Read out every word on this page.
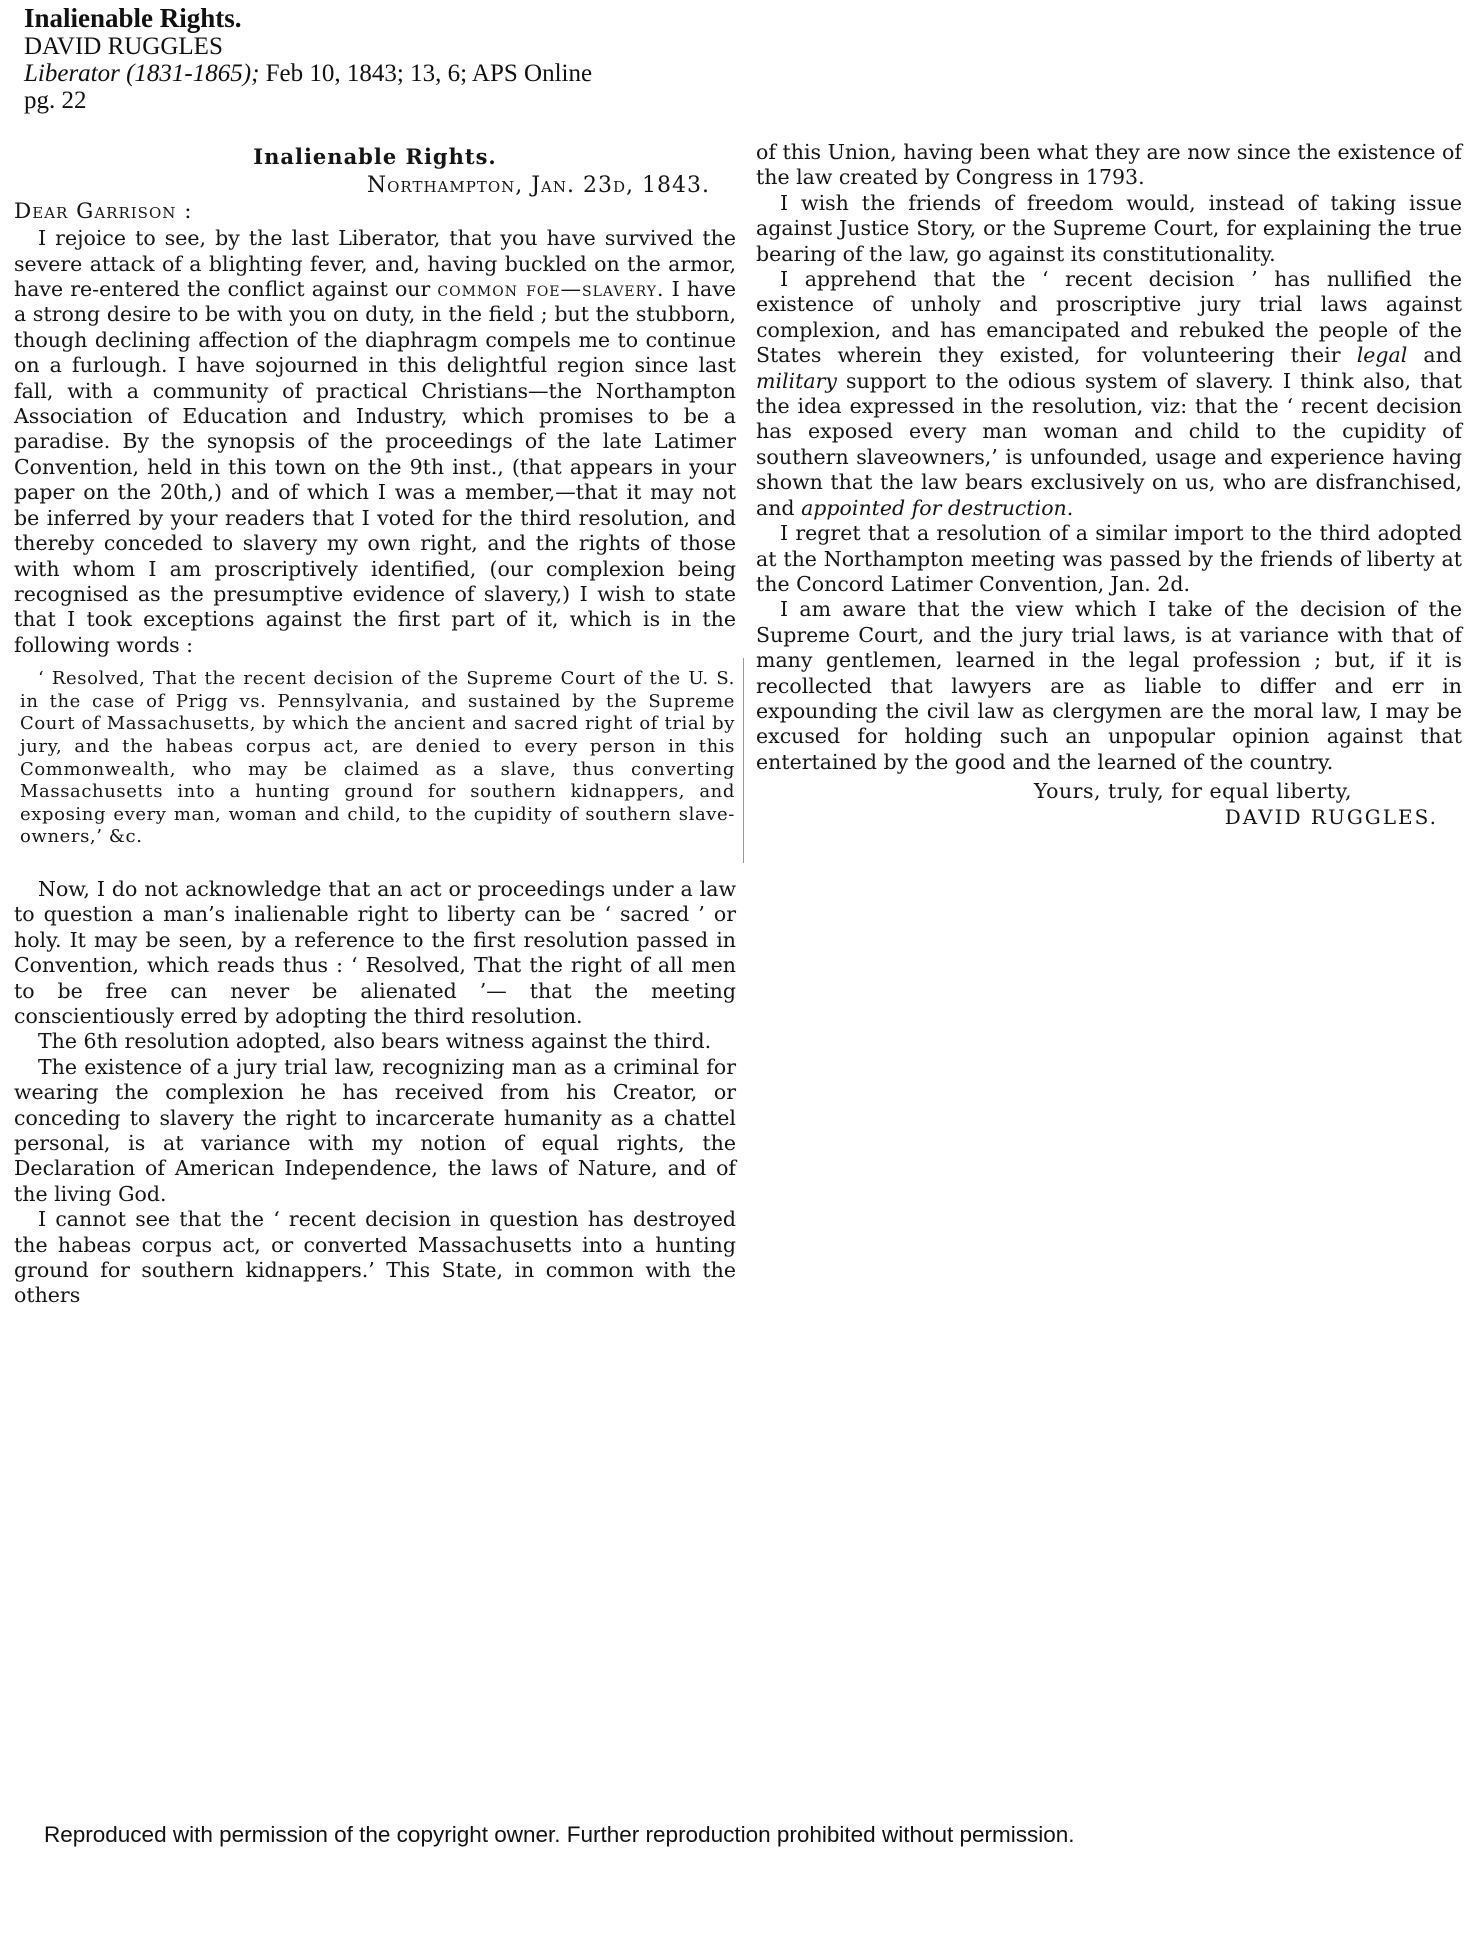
Inalienable Rights.
DAVID RUGGLES
Liberator (1831-1865); Feb 10, 1843; 13, 6; APS Online
pg. 22
Inalienable Rights.
Northampton, Jan. 23d, 1843.
Dear Garrison :

I rejoice to see, by the last Liberator, that you have survived the severe attack of a blighting fever, and, having buckled on the armor, have re-entered the conflict against our common foe—slavery. I have a strong desire to be with you on duty, in the field ; but the stubborn, though declining affection of the diaphragm compels me to continue on a furlough. I have sojourned in this delightful region since last fall, with a community of practical Christians—the Northampton Association of Education and Industry, which promises to be a paradise. By the synopsis of the proceedings of the late Latimer Convention, held in this town on the 9th inst., (that appears in your paper on the 20th,) and of which I was a member,—that it may not be inferred by your readers that I voted for the third resolution, and thereby conceded to slavery my own right, and the rights of those with whom I am proscriptively identified, (our complexion being recognised as the presumptive evidence of slavery,) I wish to state that I took exceptions against the first part of it, which is in the following words :

‘ Resolved, That the recent decision of the Supreme Court of the U. S. in the case of Prigg vs. Pennsylvania, and sustained by the Supreme Court of Massachusetts, by which the ancient and sacred right of trial by jury, and the habeas corpus act, are denied to every person in this Commonwealth, who may be claimed as a slave, thus converting Massachusetts into a hunting ground for southern kidnappers, and exposing every man, woman and child, to the cupidity of southern slave-owners,’ &c.

Now, I do not acknowledge that an act or proceedings under a law to question a man’s inalienable right to liberty can be ‘ sacred ’ or holy. It may be seen, by a reference to the first resolution passed in Convention, which reads thus : ‘ Resolved, That the right of all men to be free can never be alienated ’— that the meeting conscientiously erred by adopting the third resolution.

The 6th resolution adopted, also bears witness against the third.

The existence of a jury trial law, recognizing man as a criminal for wearing the complexion he has received from his Creator, or conceding to slavery the right to incarcerate humanity as a chattel personal, is at variance with my notion of equal rights, the Declaration of American Independence, the laws of Nature, and of the living God.

I cannot see that the ‘ recent decision in question has destroyed the habeas corpus act, or converted Massachusetts into a hunting ground for southern kidnappers.’ This State, in common with the others

of this Union, having been what they are now since the existence of the law created by Congress in 1793.

I wish the friends of freedom would, instead of taking issue against Justice Story, or the Supreme Court, for explaining the true bearing of the law, go against its constitutionality.

I apprehend that the ‘ recent decision ’ has nullified the existence of unholy and proscriptive jury trial laws against complexion, and has emancipated and rebuked the people of the States wherein they existed, for volunteering their legal and military support to the odious system of slavery. I think also, that the idea expressed in the resolution, viz: that the ‘ recent decision has exposed every man woman and child to the cupidity of southern slaveowners,’ is unfounded, usage and experience having shown that the law bears exclusively on us, who are disfranchised, and appointed for destruction.

I regret that a resolution of a similar import to the third adopted at the Northampton meeting was passed by the friends of liberty at the Concord Latimer Convention, Jan. 2d.

I am aware that the view which I take of the decision of the Supreme Court, and the jury trial laws, is at variance with that of many gentlemen, learned in the legal profession ; but, if it is recollected that lawyers are as liable to differ and err in expounding the civil law as clergymen are the moral law, I may be excused for holding such an unpopular opinion against that entertained by the good and the learned of the country.

Yours, truly, for equal liberty,
DAVID RUGGLES.
Reproduced with permission of the copyright owner. Further reproduction prohibited without permission.
